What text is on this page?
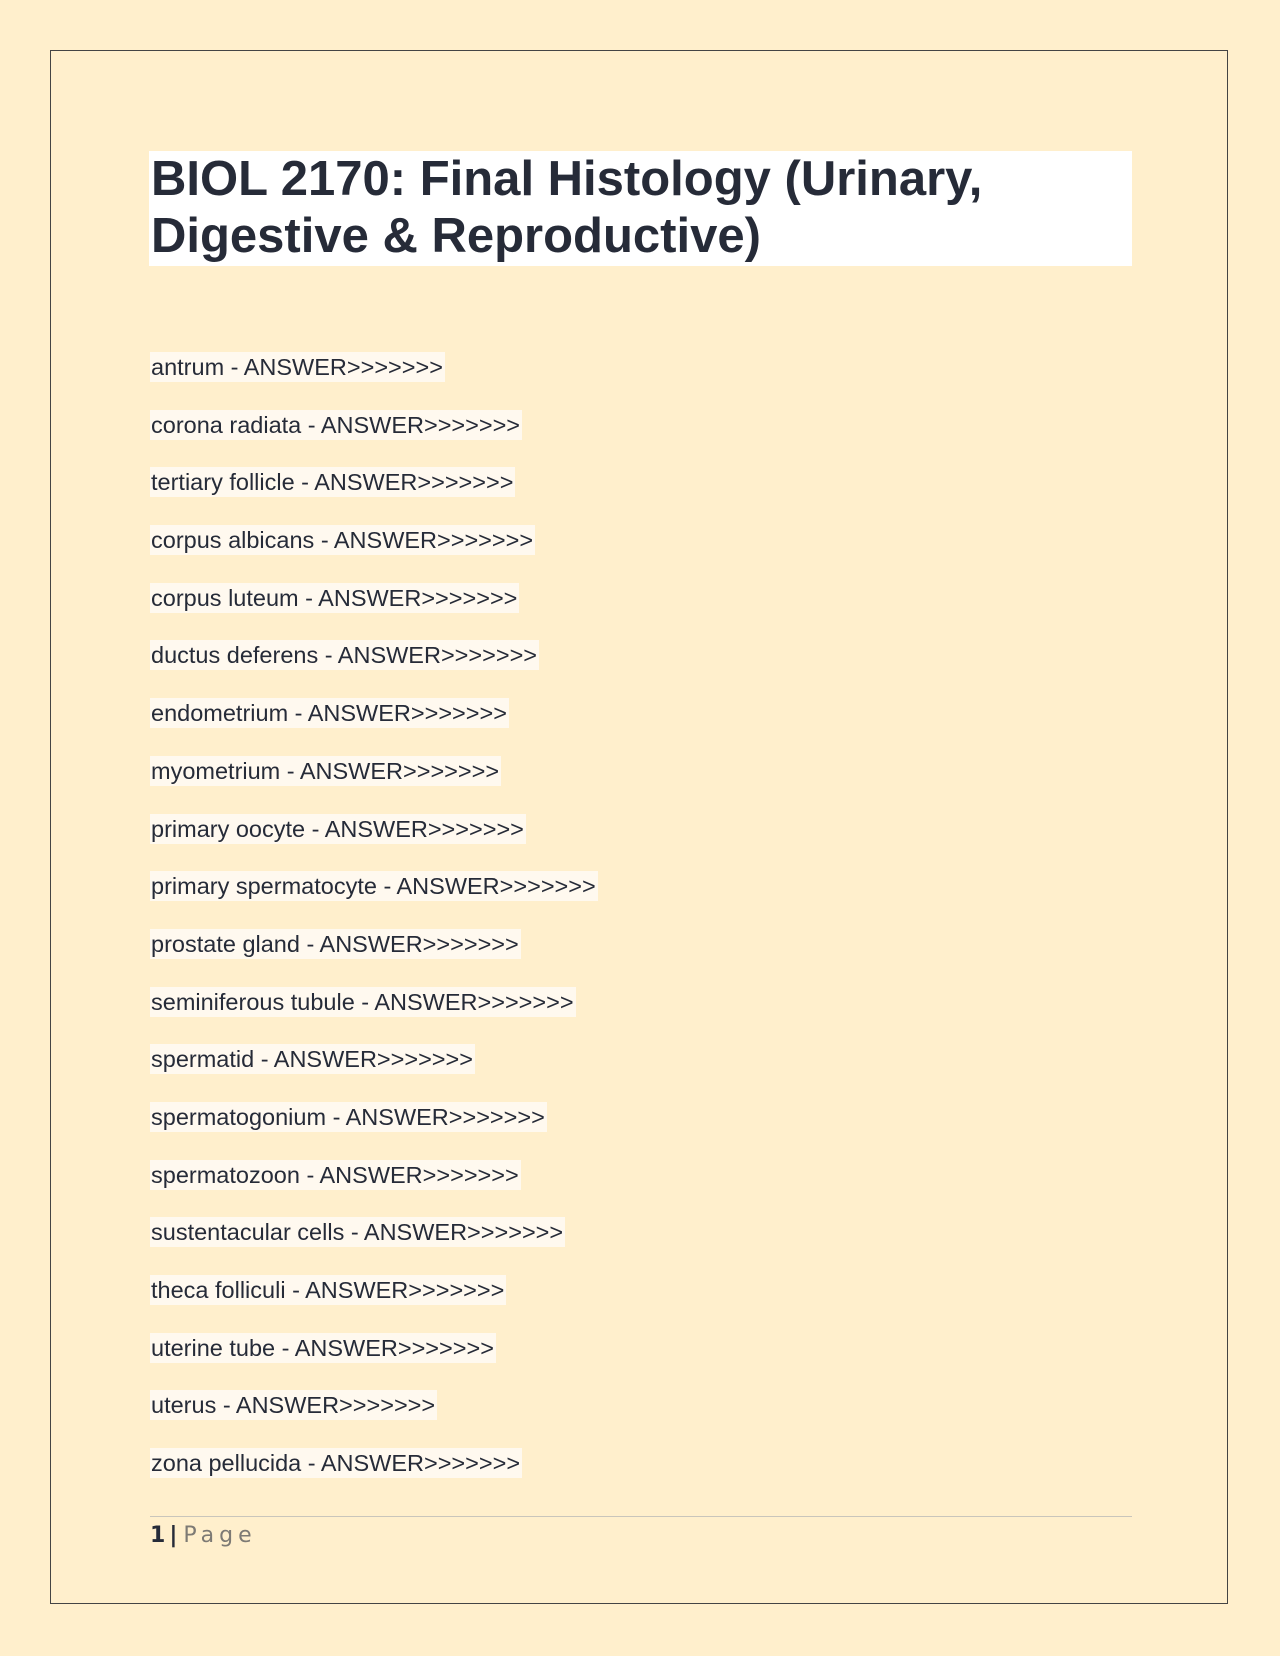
BIOL 2170: Final Histology (Urinary, Digestive & Reproductive)
antrum - ANSWER>>>>>>>
corona radiata - ANSWER>>>>>>>
tertiary follicle - ANSWER>>>>>>>
corpus albicans - ANSWER>>>>>>>
corpus luteum - ANSWER>>>>>>>
ductus deferens - ANSWER>>>>>>>
endometrium - ANSWER>>>>>>>
myometrium - ANSWER>>>>>>>
primary oocyte - ANSWER>>>>>>>
primary spermatocyte - ANSWER>>>>>>>
prostate gland - ANSWER>>>>>>>
seminiferous tubule - ANSWER>>>>>>>
spermatid - ANSWER>>>>>>>
spermatogonium - ANSWER>>>>>>>
spermatozoon - ANSWER>>>>>>>
sustentacular cells - ANSWER>>>>>>>
theca folliculi - ANSWER>>>>>>>
uterine tube - ANSWER>>>>>>>
uterus - ANSWER>>>>>>>
zona pellucida - ANSWER>>>>>>>
1 | Page
